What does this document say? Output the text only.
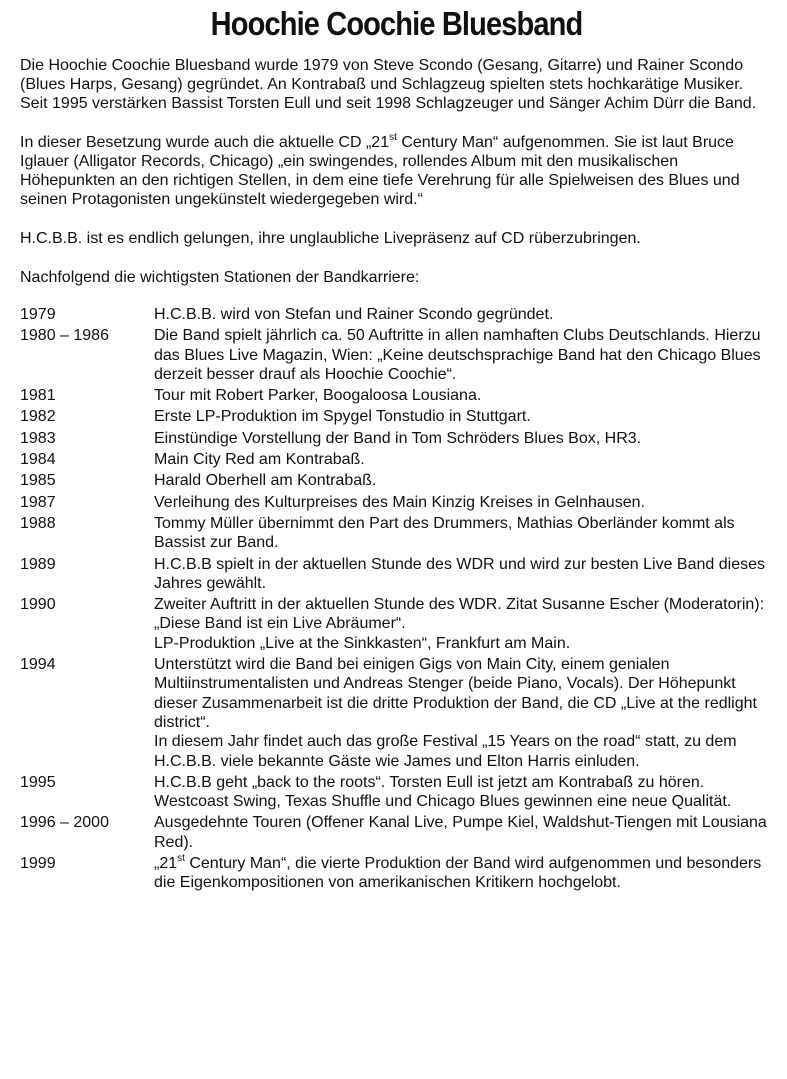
Hoochie Coochie Bluesband

Die Hoochie Coochie Bluesband wurde 1979 von Steve Scondo (Gesang, Gitarre) und Rainer Scondo (Blues Harps, Gesang) gegründet. An Kontrabaß und Schlagzeug spielten stets hochkarätige Musiker. Seit 1995 verstärken Bassist Torsten Eull und seit 1998 Schlagzeuger und Sänger Achim Dürr die Band.

In dieser Besetzung wurde auch die aktuelle CD „21st Century Man“ aufgenommen. Sie ist laut Bruce Iglauer (Alligator Records, Chicago) „ein swingendes, rollendes Album mit den musikalischen Höhepunkten an den richtigen Stellen, in dem eine tiefe Verehrung für alle Spielweisen des Blues und seinen Protagonisten ungekünstelt wiedergegeben wird.“

H.C.B.B. ist es endlich gelungen, ihre unglaubliche Livepräsenz auf CD rüberzubringen.

Nachfolgend die wichtigsten Stationen der Bandkarriere:

1979	H.C.B.B. wird von Stefan und Rainer Scondo gegründet.
1980 – 1986	Die Band spielt jährlich ca. 50 Auftritte in allen namhaften Clubs Deutschlands. Hierzu das Blues Live Magazin, Wien: „Keine deutschsprachige Band hat den Chicago Blues derzeit besser drauf als Hoochie Coochie“.
1981	Tour mit Robert Parker, Boogaloosa Lousiana.
1982	Erste LP-Produktion im Spygel Tonstudio in Stuttgart.
1983	Einstündige Vorstellung der Band in Tom Schröders Blues Box, HR3.
1984	Main City Red am Kontrabaß.
1985	Harald Oberhell am Kontrabaß.
1987	Verleihung des Kulturpreises des Main Kinzig Kreises in Gelnhausen.
1988	Tommy Müller übernimmt den Part des Drummers, Mathias Oberländer kommt als Bassist zur Band.
1989	H.C.B.B spielt in der aktuellen Stunde des WDR und wird zur besten Live Band dieses Jahres gewählt.
1990	Zweiter Auftritt in der aktuellen Stunde des WDR. Zitat Susanne Escher (Moderatorin): „Diese Band ist ein Live Abräumer“.
LP-Produktion „Live at the Sinkkasten“, Frankfurt am Main.

1994	Unterstützt wird die Band bei einigen Gigs von Main City, einem genialen Multiinstrumentalisten und Andreas Stenger (beide Piano, Vocals). Der Höhepunkt dieser Zusammenarbeit ist die dritte Produktion der Band, die CD „Live at the redlight district“.
In diesem Jahr findet auch das große Festival „15 Years on the road“ statt, zu dem H.C.B.B. viele bekannte Gäste wie James und Elton Harris einluden.

1995	H.C.B.B geht „back to the roots“. Torsten Eull ist jetzt am Kontrabaß zu hören. Westcoast Swing, Texas Shuffle und Chicago Blues gewinnen eine neue Qualität.
1996 – 2000	Ausgedehnte Touren (Offener Kanal Live, Pumpe Kiel, Waldshut-Tiengen mit Lousiana Red).
1999	„21st Century Man“, die vierte Produktion der Band wird aufgenommen und besonders die Eigenkompositionen von amerikanischen Kritikern hochgelobt.
